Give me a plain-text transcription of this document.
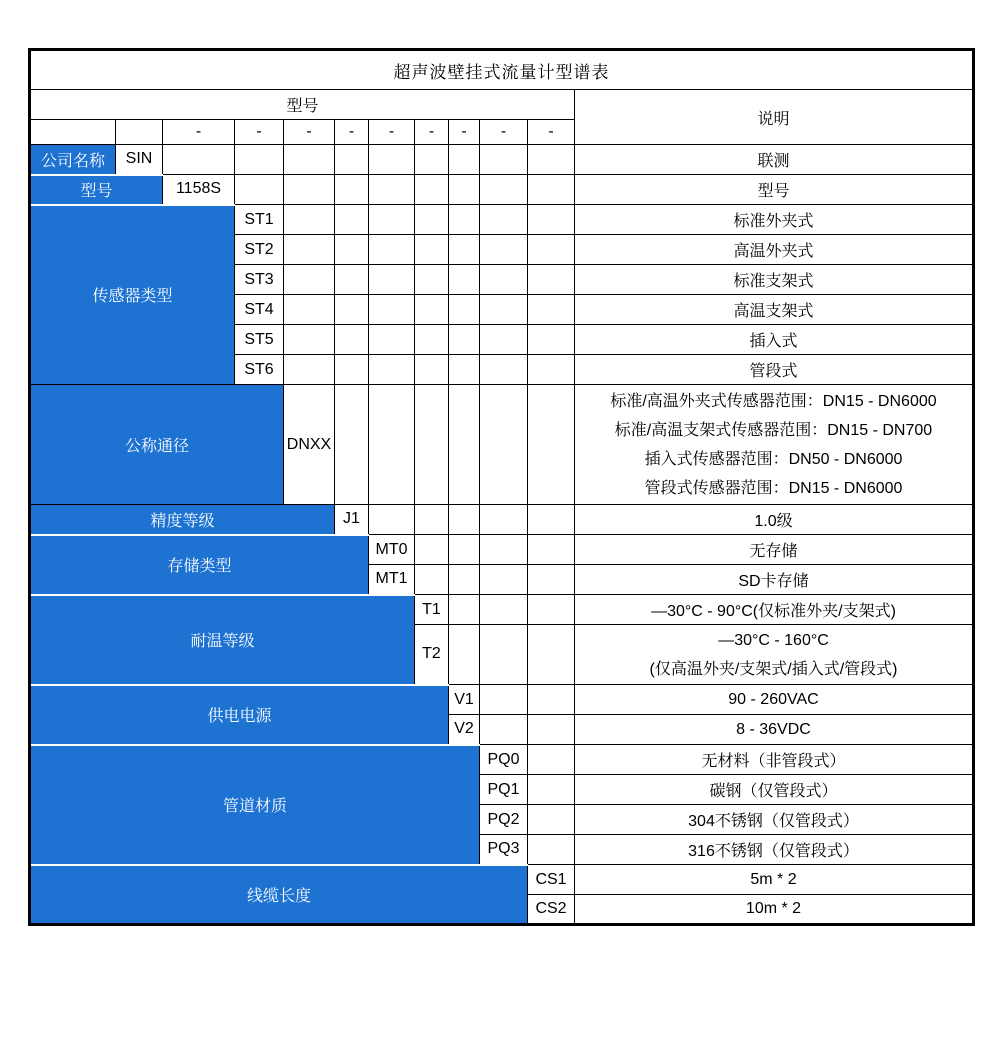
超声波壁挂式流量计型谱表											
型号											说明
		-	-	-	-	-	-	-	-	-	
公司名称	SIN										联测
型号		1158S									型号
传感器类型			ST1								标准外夹式
			ST2								高温外夹式
			ST3								标准支架式
			ST4								高温支架式
			ST5								插入式
			ST6								管段式
公称通径				DNXX							标准/高温外夹式传感器范围：DN15 - DN6000
标准/高温支架式传感器范围：DN15 - DN700
插入式传感器范围：DN50 - DN6000
管段式传感器范围：DN15 - DN6000

精度等级					J1						1.0级
存储类型						MT0					无存储
						MT1					SD卡存储
耐温等级							T1				—30°C - 90°C(仅标准外夹/支架式)
							T2				—30°C - 160°C
(仅高温外夹/支架式/插入式/管段式)

供电电源								V1			90 - 260VAC
								V2			8 - 36VDC
管道材质									PQ0		无材料（非管段式）
									PQ1		碳钢（仅管段式）
									PQ2		304不锈钢（仅管段式）
									PQ3		316不锈钢（仅管段式）
线缆长度										CS1	5m * 2
										CS2	10m * 2
